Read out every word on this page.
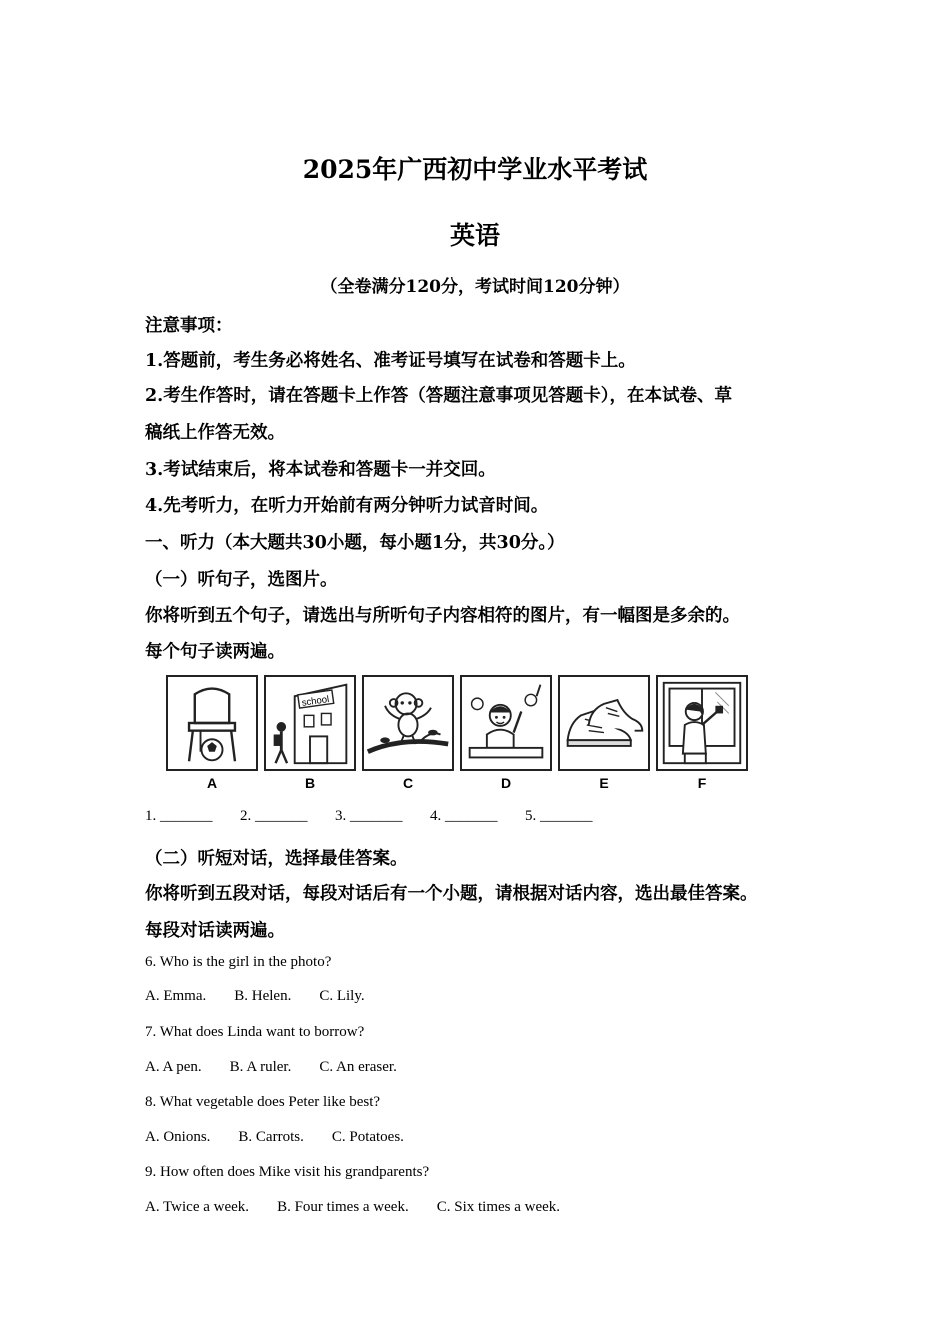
2025年广西初中学业水平考试
英语
（全卷满分120分，考试时间120分钟）
注意事项：
1.答题前，考生务必将姓名、准考证号填写在试卷和答题卡上。
2.考生作答时，请在答题卡上作答（答题注意事项见答题卡），在本试卷、草
稿纸上作答无效。
3.考试结束后，将本试卷和答题卡一并交回。
4.先考听力，在听力开始前有两分钟听力试音时间。
一、听力（本大题共30小题，每小题1分，共30分。）
（一）听句子，选图片。
你将听到五个句子，请选出与所听句子内容相符的图片，有一幅图是多余的。
每个句子读两遍。
A
school
B	C	D	E	F
1. _______ 2. _______ 3. _______ 4. _______ 5. _______
（二）听短对话，选择最佳答案。
你将听到五段对话，每段对话后有一个小题，请根据对话内容，选出最佳答案。
每段对话读两遍。
6. Who is the girl in the photo?
A. Emma. B. Helen. C. Lily.
7. What does Linda want to borrow?
A. A pen. B. A ruler. C. An eraser.
8. What vegetable does Peter like best?
A. Onions. B. Carrots. C. Potatoes.
9. How often does Mike visit his grandparents?
A. Twice a week. B. Four times a week. C. Six times a week.
